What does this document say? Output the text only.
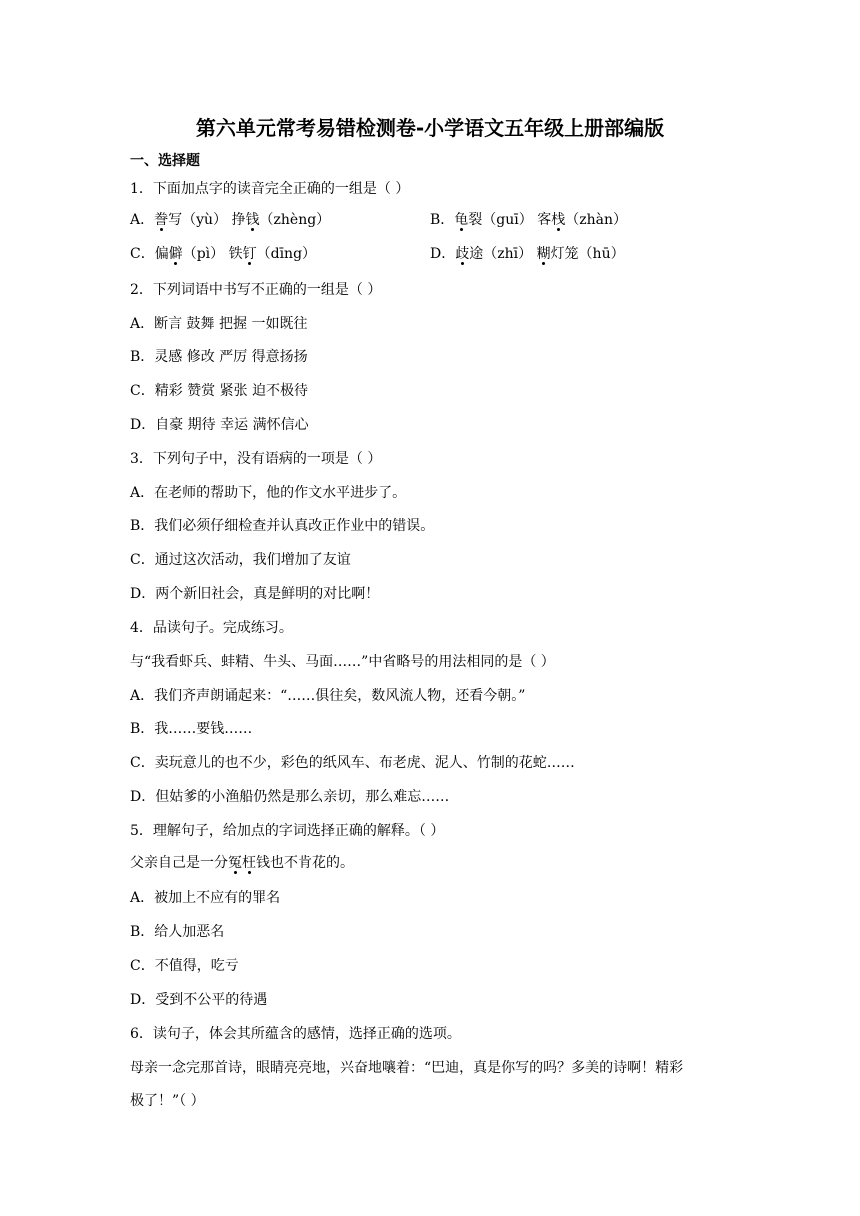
第六单元常考易错检测卷-小学语文五年级上册部编版
一、选择题
1．下面加点字的读音完全正确的一组是（ ）
A．誊写（yù） 挣钱（zhèng）	B．龟裂（guī） 客栈（zhàn）
C．偏僻（pì） 铁钉（dīng）	D．歧途（zhī） 糊灯笼（hū）
2．下列词语中书写不正确的一组是（ ）
A．断言 鼓舞 把握 一如既往
B．灵感 修改 严厉 得意扬扬
C．精彩 赞赏 紧张 迫不极待
D．自豪 期待 幸运 满怀信心
3．下列句子中，没有语病的一项是（ ）
A．在老师的帮助下，他的作文水平进步了。
B．我们必须仔细检查并认真改正作业中的错误。
C．通过这次活动，我们增加了友谊
D．两个新旧社会，真是鲜明的对比啊！
4．品读句子。完成练习。
与“我看虾兵、蚌精、牛头、马面……”中省略号的用法相同的是（ ）
A．我们齐声朗诵起来：“……俱往矣，数风流人物，还看今朝。”
B．我……要钱……
C．卖玩意儿的也不少，彩色的纸风车、布老虎、泥人、竹制的花蛇……
D．但姑爹的小渔船仍然是那么亲切，那么难忘……
5．理解句子，给加点的字词选择正确的解释。（ ）
父亲自己是一分冤枉钱也不肯花的。
A．被加上不应有的罪名
B．给人加恶名
C．不值得，吃亏
D．受到不公平的待遇
6．读句子，体会其所蕴含的感情，选择正确的选项。
母亲一念完那首诗，眼睛亮亮地，兴奋地嚷着：“巴迪，真是你写的吗？多美的诗啊！精彩
极了！”（ ）
